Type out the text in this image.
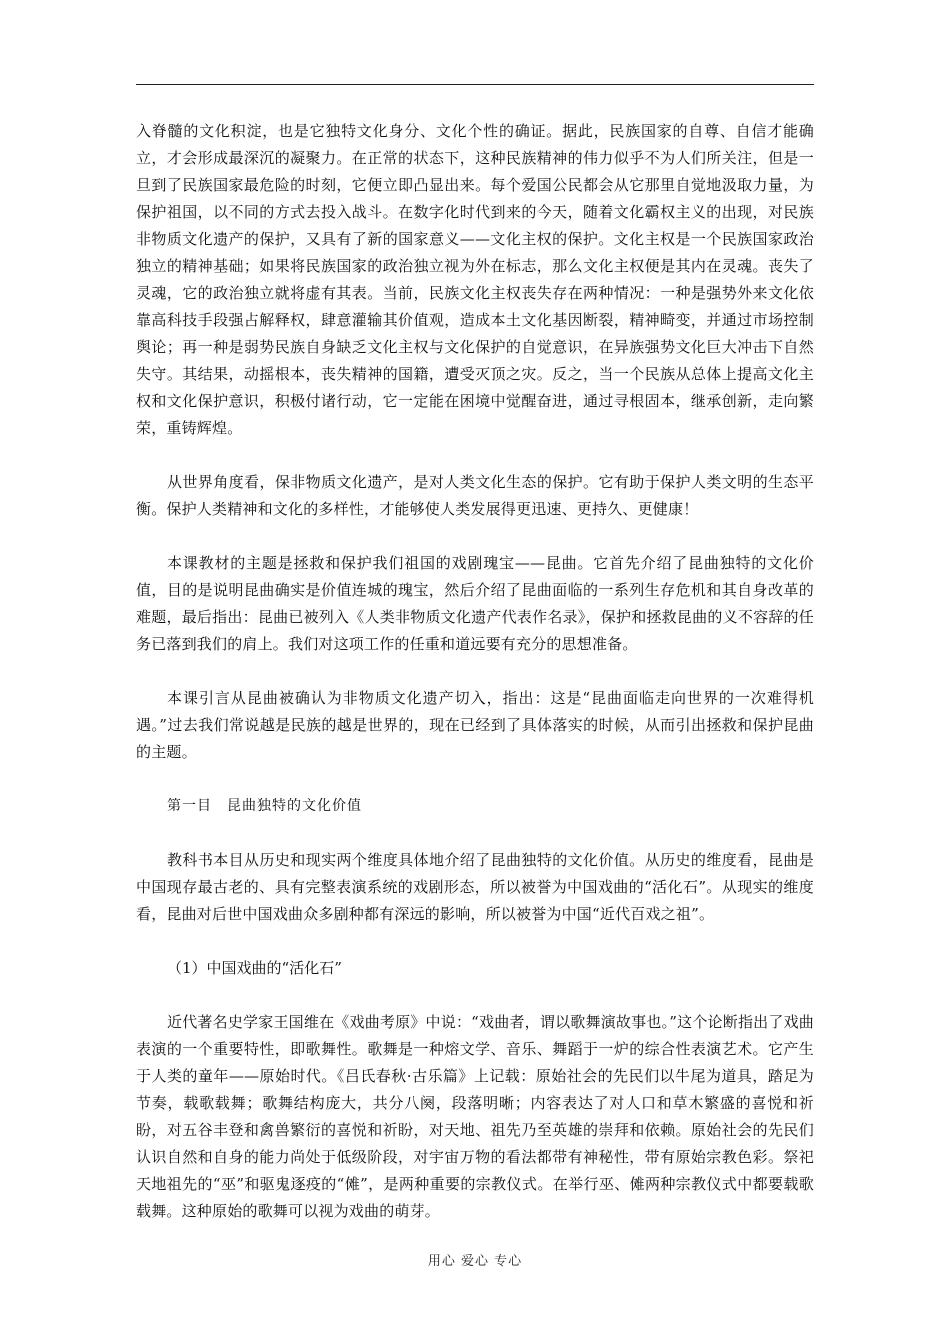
入脊髓的文化积淀，也是它独特文化身分、文化个性的确证。据此，民族国家的自尊、自信才能确立，才会形成最深沉的凝聚力。在正常的状态下，这种民族精神的伟力似乎不为人们所关注，但是一旦到了民族国家最危险的时刻，它便立即凸显出来。每个爱国公民都会从它那里自觉地汲取力量，为保护祖国，以不同的方式去投入战斗。在数字化时代到来的今天，随着文化霸权主义的出现，对民族非物质文化遗产的保护，又具有了新的国家意义——文化主权的保护。文化主权是一个民族国家政治独立的精神基础；如果将民族国家的政治独立视为外在标志，那么文化主权便是其内在灵魂。丧失了灵魂，它的政治独立就将虚有其表。当前，民族文化主权丧失存在两种情况：一种是强势外来文化依靠高科技手段强占解释权，肆意灌输其价值观，造成本土文化基因断裂，精神畸变，并通过市场控制舆论；再一种是弱势民族自身缺乏文化主权与文化保护的自觉意识，在异族强势文化巨大冲击下自然失守。其结果，动摇根本，丧失精神的国籍，遭受灭顶之灾。反之，当一个民族从总体上提高文化主权和文化保护意识，积极付诸行动，它一定能在困境中觉醒奋进，通过寻根固本，继承创新，走向繁荣，重铸辉煌。

从世界角度看，保非物质文化遗产，是对人类文化生态的保护。它有助于保护人类文明的生态平衡。保护人类精神和文化的多样性，才能够使人类发展得更迅速、更持久、更健康！

本课教材的主题是拯救和保护我们祖国的戏剧瑰宝——昆曲。它首先介绍了昆曲独特的文化价值，目的是说明昆曲确实是价值连城的瑰宝，然后介绍了昆曲面临的一系列生存危机和其自身改革的难题，最后指出：昆曲已被列入《人类非物质文化遗产代表作名录》，保护和拯救昆曲的义不容辞的任务已落到我们的肩上。我们对这项工作的任重和道远要有充分的思想准备。

本课引言从昆曲被确认为非物质文化遗产切入，指出：这是“昆曲面临走向世界的一次难得机遇。”过去我们常说越是民族的越是世界的，现在已经到了具体落实的时候，从而引出拯救和保护昆曲的主题。

第一目　昆曲独特的文化价值

教科书本目从历史和现实两个维度具体地介绍了昆曲独特的文化价值。从历史的维度看，昆曲是中国现存最古老的、具有完整表演系统的戏剧形态，所以被誉为中国戏曲的“活化石”。从现实的维度看，昆曲对后世中国戏曲众多剧种都有深远的影响，所以被誉为中国“近代百戏之祖”。

（1）中国戏曲的“活化石”

近代著名史学家王国维在《戏曲考原》中说：“戏曲者，谓以歌舞演故事也。”这个论断指出了戏曲表演的一个重要特性，即歌舞性。歌舞是一种熔文学、音乐、舞蹈于一炉的综合性表演艺术。它产生于人类的童年——原始时代。《吕氏春秋·古乐篇》上记载：原始社会的先民们以牛尾为道具，踏足为节奏，载歌载舞；歌舞结构庞大，共分八阕，段落明晰；内容表达了对人口和草木繁盛的喜悦和祈盼，对五谷丰登和禽兽繁衍的喜悦和祈盼，对天地、祖先乃至英雄的崇拜和依赖。原始社会的先民们认识自然和自身的能力尚处于低级阶段，对宇宙万物的看法都带有神秘性，带有原始宗教色彩。祭祀天地祖先的“巫”和驱鬼逐疫的“傩”，是两种重要的宗教仪式。在举行巫、傩两种宗教仪式中都要载歌载舞。这种原始的歌舞可以视为戏曲的萌芽。

用心 爱心 专心
